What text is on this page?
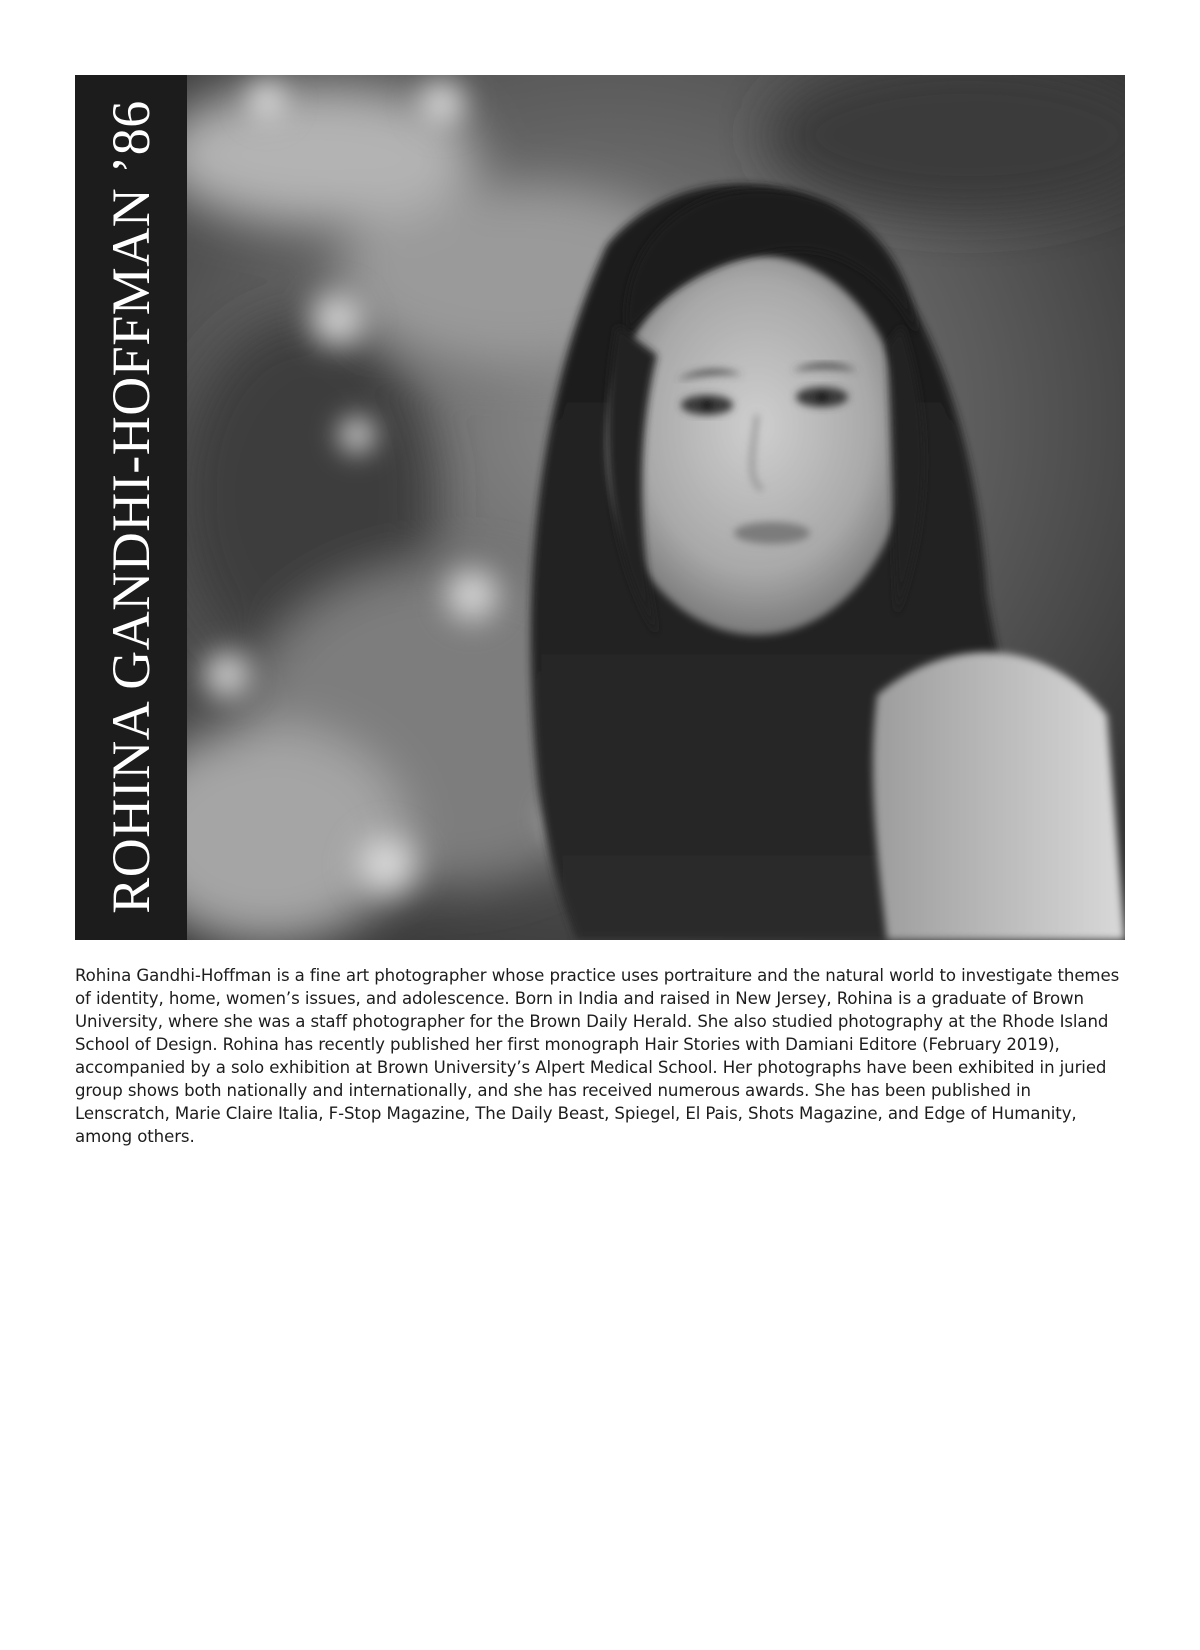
ROHINA GANDHI-HOFFMAN ’86

Rohina Gandhi-Hoffman is a fine art photographer whose practice uses portraiture and the natural world to investigate themes of identity, home, women’s issues, and adolescence. Born in India and raised in New Jersey, Rohina is a graduate of Brown University, where she was a staff photographer for the Brown Daily Herald. She also studied photography at the Rhode Island School of Design. Rohina has recently published her first monograph Hair Stories with Damiani Editore (February 2019), accompanied by a solo exhibition at Brown University’s Alpert Medical School. Her photographs have been exhibited in juried group shows both nationally and internationally, and she has received numerous awards. She has been published in Lenscratch, Marie Claire Italia, F-Stop Magazine, The Daily Beast, Spiegel, El Pais, Shots Magazine, and Edge of Humanity, among others.
